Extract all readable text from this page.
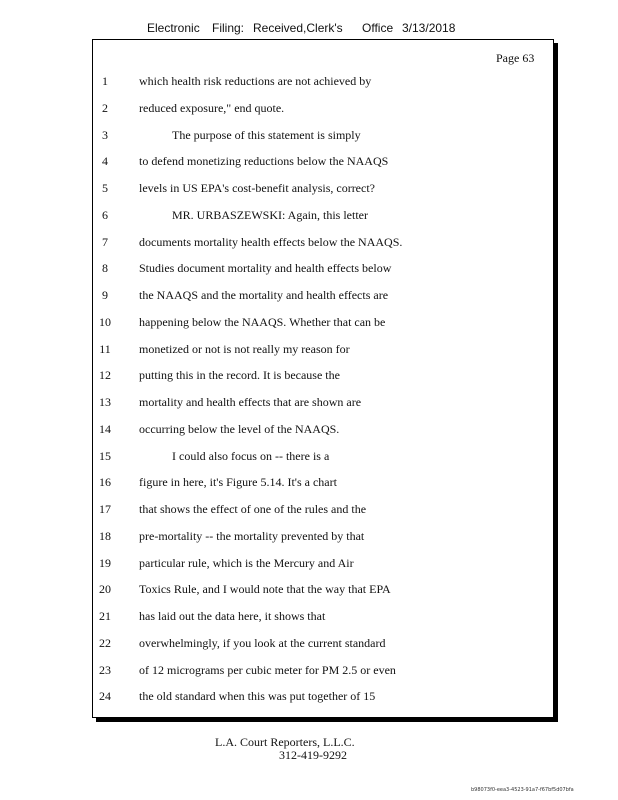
Electronic Filing: Received,Clerk's Office 3/13/2018
Page 63
1	which health risk reductions are not achieved by
2	reduced exposure," end quote.
3	The purpose of this statement is simply
4	to defend monetizing reductions below the NAAQS
5	levels in US EPA's cost-benefit analysis, correct?
6	MR. URBASZEWSKI: Again, this letter
7	documents mortality health effects below the NAAQS.
8	Studies document mortality and health effects below
9	the NAAQS and the mortality and health effects are
10	happening below the NAAQS. Whether that can be
11	monetized or not is not really my reason for
12	putting this in the record. It is because the
13	mortality and health effects that are shown are
14	occurring below the level of the NAAQS.
15	I could also focus on -- there is a
16	figure in here, it's Figure 5.14. It's a chart
17	that shows the effect of one of the rules and the
18	pre-mortality -- the mortality prevented by that
19	particular rule, which is the Mercury and Air
20	Toxics Rule, and I would note that the way that EPA
21	has laid out the data here, it shows that
22	overwhelmingly, if you look at the current standard
23	of 12 micrograms per cubic meter for PM 2.5 or even
24	the old standard when this was put together of 15
L.A. Court Reporters, L.L.C.
312-419-9292
b98073f0-eea3-4523-91a7-f67bf5d07bfa
